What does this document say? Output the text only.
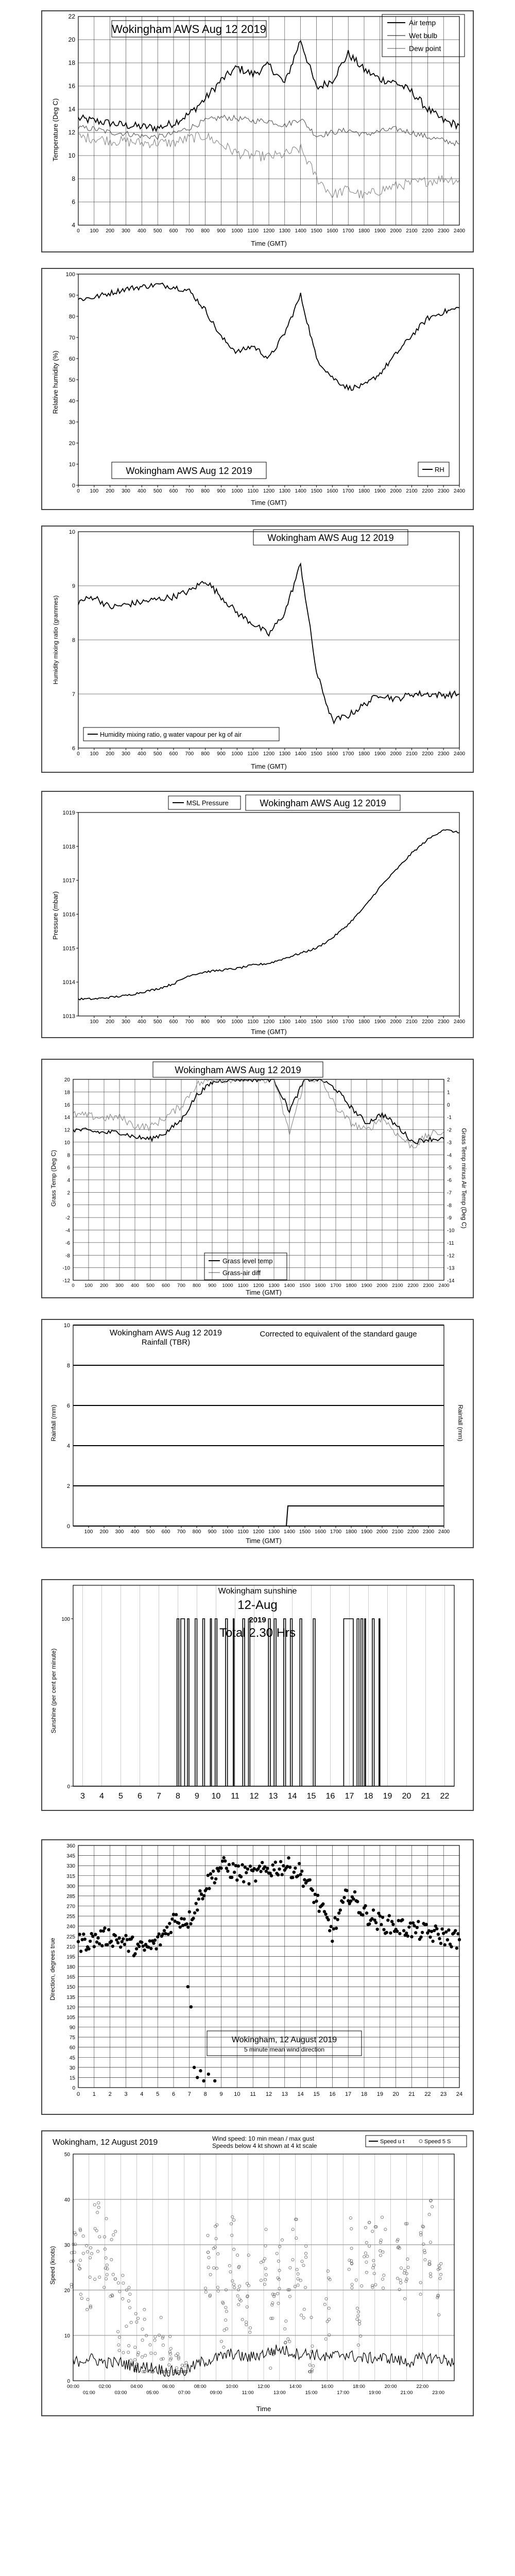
Wokingham AWS Aug 12 2019
Temperature (Deg C)
Time (GMT)
Air temp
Wet bulb
Dew point
4
6
8
10
12
14
16
18
20
22
0 100 200 300 400 500 600 700 800 900 1000 1100 1200 1300 1400 1500 1600 1700 1800 1900 2000 2100 2200 2300 2400
Wokingham AWS Aug 12 2019
Relative humidity (%)
Time (GMT)
RH
0
10
20
30
40
50
60
70
80
90
100
0 100 200 300 400 500 600 700 800 900 1000 1100 1200 1300 1400 1500 1600 1700 1800 1900 2000 2100 2200 2300 2400
Wokingham AWS Aug 12 2019
Humidity mixing ratio (grammes)
Time (GMT)
Humidity mixing ratio, g water vapour per kg of air
6
7
8
9
10
0 100 200 300 400 500 600 700 800 900 1000 1100 1200 1300 1400 1500 1600 1700 1800 1900 2000 2100 2200 2300 2400
MSL Pressure	Wokingham AWS Aug 12 2019
Pressure (mbar)
Time (GMT)
1013
1014
1015
1016
1017
1018
1019
100 200 300 400 500 600 700 800 900 1000 1100 1200 1300 1400 1500 1600 1700 1800 1900 2000 2100 2200 2300 2400
Wokingham AWS Aug 12 2019
Grass Temp (Deg C)	Grass Temp minus Air Temp (Deg C)
Time (GMT)
Grass level temp
Grass-air diff
-12
-10
-8
-6
-4
-2
0
2
4
6
8
10
12
14
16
18
20
-14
-13
-12
-11
-10
-9
-8
-7
-6
-5
-4
-3
-2
-1
0
1
2
0 100 200 300 400 500 600 700 800 900 1000 1100 1200 1300 1400 1500 1600 1700 1800 1900 2000 2100 2200 2300 2400
Wokingham AWS Aug 12 2019
Rainfall (TBR)
Corrected to equivalent of the standard gauge
Rainfall (mm)	Rainfall (mm)
Time (GMT)
0
2
4
6
8
10
100 200 300 400 500 600 700 800 900 1000 1100 1200 1300 1400 1500 1600 1700 1800 1900 2000 2100 2200 2300 2400
Wokingham sunshine
12-Aug
2019
Total 2.30 Hrs
Sunshine (per cent per minute)
3 4 5 6 7 8 9 10 11 12 13 14 15 16 17 18 19 20 21 22
0
100
Direction, degrees true
Wokingham, 12 August 2019
5 minute mean wind direction
0
15
30
45
60
75
90
105
120
135
150
165
180
195
210
225
240
255
270
285
300
315
330
345
360
0 1 2 3 4 5 6 7 8 9 10 11 12 13 14 15 16 17 18 19 20 21 22 23 24
Wokingham, 12 August 2019	Wind speed: 10 min mean / max gust
Speeds below 4 kt shown at 4 kt scale
Speed u t	Speed 5 S
Speed (knots)
Time
0
10
20
30
40
50
00:00
01:00
02:00
03:00
04:00
05:00
06:00
07:00
08:00
09:00
10:00
11:00
12:00
13:00
14:00
15:00
16:00
17:00
18:00
19:00
20:00
21:00
22:00
23:00
